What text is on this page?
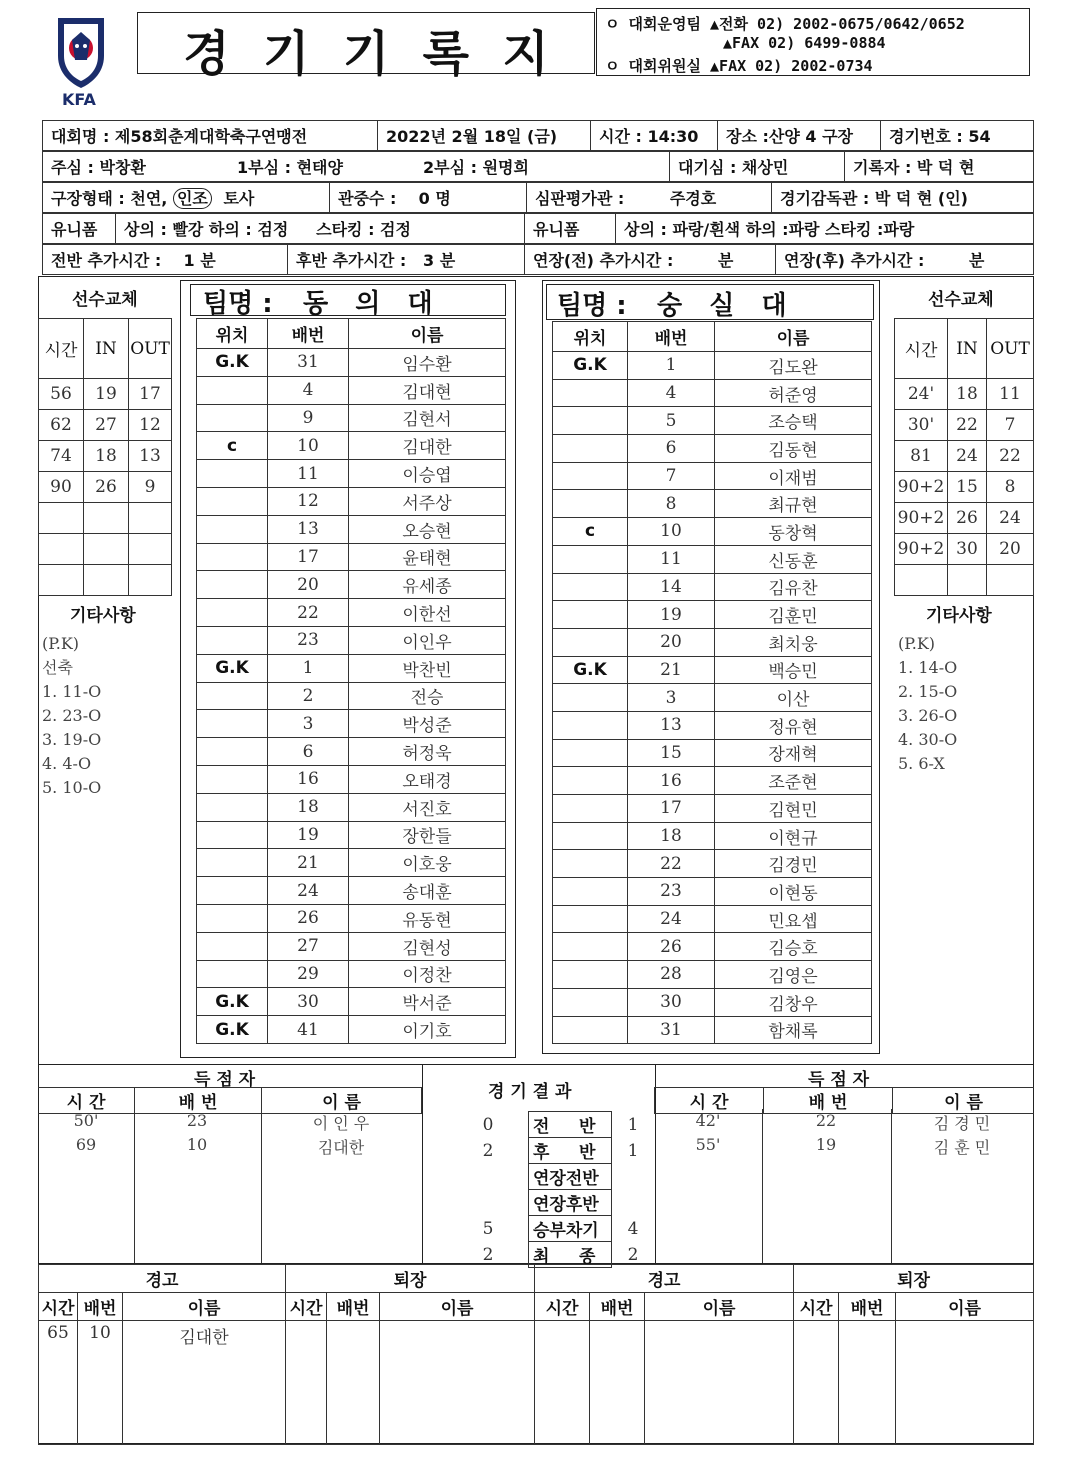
KFA
경  기  기  록  지
ㅇ 대회운영팀 ▲전화 02) 2002-0675/0642/0652
▲FAX 02) 6499-0884
ㅇ 대회위원실 ▲FAX 02) 2002-0734
대회명 : 제58회춘계대학축구연맹전	2022년 2월 18일 (금)	시간 : 14:30	장소 :산양 4 구장	경기번호 : 54
주심 : 박창환	1부심 : 현태양	2부심 : 원명희	대기심 : 채상민	기록자 : 박 덕 현
구장형태 : 천연, 인조 토사	관중수 :    0 명	심판평가관 :	주경호	경기감독관 : 박 덕 현 (인)
유니폼	상의 : 빨강 하의 : 검정     스타킹 : 검정	유니폼	상의 : 파랑/흰색 하의 :파랑 스타킹 :파랑
전반 추가시간 :    1 분	후반 추가시간 :   3 분	연장(전) 추가시간 :        분	연장(후) 추가시간 :        분
선수교체
시간	IN	OUT
56	19	17
62	27	12
74	18	13
90	26	9

기타사항
(P.K)
선축
1. 11-O
2. 23-O
3. 19-O
4. 4-O
5. 10-O
팀명 : 동   의   대
위치	배번	이름
G.K	31	임수환
	4	김대현
	9	김현서
c	10	김대한
	11	이승엽
	12	서주상
	13	오승현
	17	윤태현
	20	유세종
	22	이한선
	23	이인우
G.K	1	박찬빈
	2	전승
	3	박성준
	6	허정욱
	16	오태경
	18	서진호
	19	장한들
	21	이호웅
	24	송대훈
	26	유동현
	27	김현성
	29	이정찬
G.K	30	박서준
G.K	41	이기호
팀명 : 숭   실   대
위치	배번	이름
G.K	1	김도완
	4	허준영
	5	조승택
	6	김동현
	7	이재범
	8	최규현
c	10	동창혁
	11	신동훈
	14	김유찬
	19	김훈민
	20	최치웅
G.K	21	백승민
	3	이산
	13	정유현
	15	장재혁
	16	조준현
	17	김현민
	18	이현규
	22	김경민
	23	이현동
	24	민요셉
	26	김승호
	28	김영은
	30	김창우
	31	함채록
선수교체
시간	IN	OUT
24'	18	11
30'	22	7
81	24	22
90+2	15	8
90+2	26	24
90+2	30	20

기타사항
(P.K)
1. 14-O
2. 15-O
3. 26-O
4. 30-O
5. 6-X
득 점 자
시 간	배 번	이 름
50'	23	이 인 우
69	10	김대한
경 기 결 과
0	전     반	1
2	후     반	1
	연장전반	
	연장후반	
5	승부차기	4
2	최     종	2
득 점 자
시 간	배 번	이 름
42'	22	김 경 민
55'	19	김 훈 민
경고			퇴장			경고			퇴장		
시간	배번	이름	시간	배번	이름	시간	배번	이름	시간	배번	이름
65	10	김대한									
